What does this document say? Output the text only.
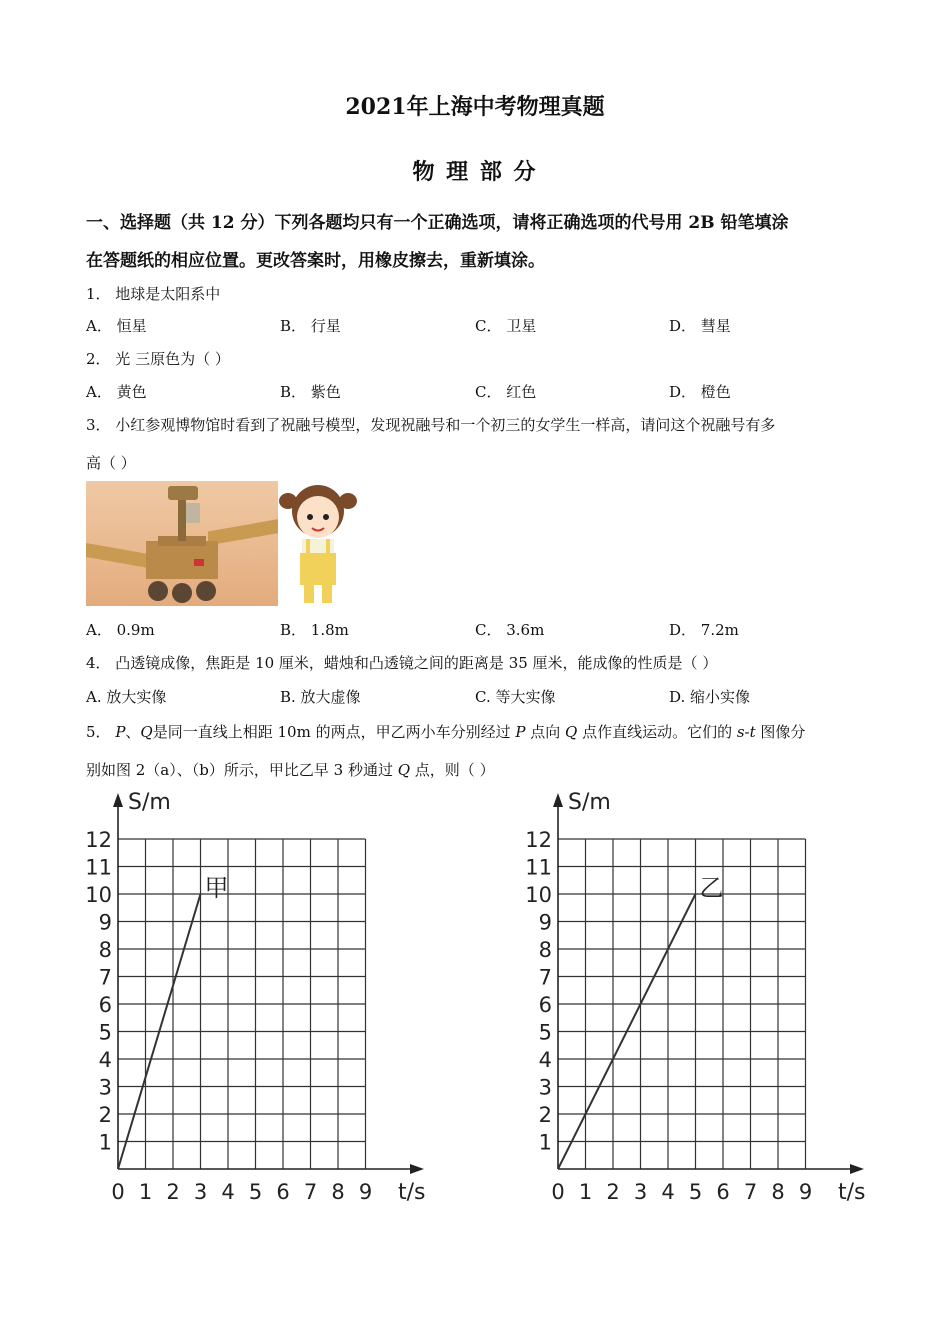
2021年上海中考物理真题
物 理 部 分
一、选择题（共 12 分）下列各题均只有一个正确选项，请将正确选项的代号用 2B 铅笔填涂
在答题纸的相应位置。更改答案时，用橡皮擦去，重新填涂。
1． 地球是太阳系中
A． 恒星	B． 行星	C． 卫星	D． 彗星
2． 光 三原色为（ ）
A． 黄色	B． 紫色	C． 红色	D． 橙色
3． 小红参观博物馆时看到了祝融号模型，发现祝融号和一个初三的女学生一样高，请问这个祝融号有多
高（ ）
A． 0.9m	B． 1.8m	C． 3.6m	D． 7.2m
4． 凸透镜成像，焦距是 10 厘米，蜡烛和凸透镜之间的距离是 35 厘米，能成像的性质是（ ）
A. 放大实像	B. 放大虚像	C. 等大实像	D. 缩小实像
5． P、Q是同一直线上相距 10m 的两点，甲乙两小车分别经过 P 点向 Q 点作直线运动。它们的 s-t 图像分
别如图 2（a）、（b）所示，甲比乙早 3 秒通过 Q 点，则（ ）
S/m
t/s
0 1 2 3 4 5 6 7 8 9
1
2
3
4
5
6
7
8
9
10
11
12
甲
S/m
t/s
0 1 2 3 4 5 6 7 8 9
1
2
3
4
5
6
7
8
9
10
11
12
乙
